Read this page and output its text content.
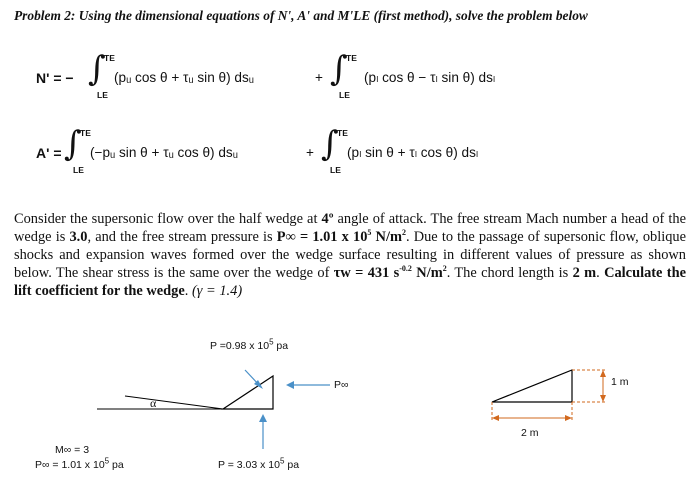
Problem 2: Using the dimensional equations of N', A' and M'LE (first method), solve the problem below
N' = − ∫
TE
LE
(pᵤ cos θ + τᵤ sin θ) dsᵤ	+ ∫
TE
LE
(pₗ cos θ − τₗ sin θ) dsₗ
A' = ∫
TE
LE
(−pᵤ sin θ + τᵤ cos θ) dsᵤ	+ ∫
TE
LE
(pₗ sin θ + τₗ cos θ) dsₗ
Consider the supersonic flow over the half wedge at 4º angle of attack. The free stream Mach number a head of the wedge is 3.0, and the free stream pressure is P∞ = 1.01 x $10^5$ $N/m^2$. Due to the passage of supersonic flow, oblique shocks and expansion waves formed over the wedge surface resulting in different values of pressure as shown below. The shear stress is the same over the wedge of τw = 431 $s^{-0.2}$ $N/m^2$. The chord length is 2 m. Calculate the lift coefficient for the wedge. (γ = 1.4)
P =0.98 x $10^5$ pa
P∞
α
M∞ = 3
P∞ = 1.01 x $10^5$ pa	P = 3.03 x $10^5$ pa
1 m
2 m
